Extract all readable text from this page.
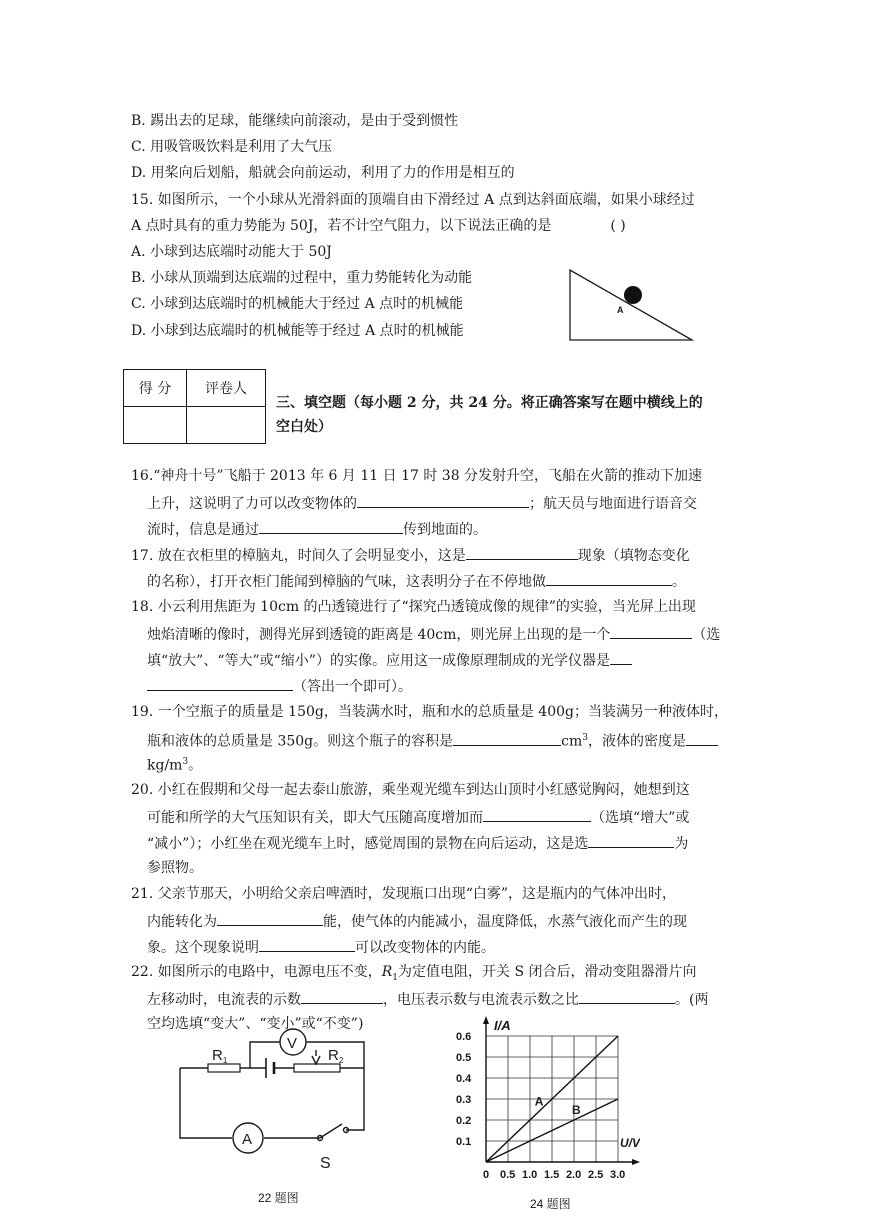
B. 踢出去的足球，能继续向前滚动，是由于受到惯性
C. 用吸管吸饮料是利用了大气压
D. 用桨向后划船，船就会向前运动，利用了力的作用是相互的
15. 如图所示，一个小球从光滑斜面的顶端自由下滑经过 A 点到达斜面底端，如果小球经过
A 点时具有的重力势能为 50J，若不计空气阻力，以下说法正确的是	( )
A. 小球到达底端时动能大于 50J
B. 小球从顶端到达底端的过程中，重力势能转化为动能
C. 小球到达底端时的机械能大于经过 A 点时的机械能
D. 小球到达底端时的机械能等于经过 A 点时的机械能
A
得 分	评卷人

三、填空题（每小题 2 分，共 24 分。将正确答案写在题中横线上的
空白处）
16.“神舟十号”飞船于 2013 年 6 月 11 日 17 时 38 分发射升空，飞船在火箭的推动下加速
上升，这说明了力可以改变物体的	；航天员与地面进行语音交
流时，信息是通过	传到地面的。
17. 放在衣柜里的樟脑丸，时间久了会明显变小，这是	现象（填物态变化
的名称），打开衣柜门能闻到樟脑的气味，这表明分子在不停地做	。
18. 小云利用焦距为 10cm 的凸透镜进行了“探究凸透镜成像的规律”的实验，当光屏上出现
烛焰清晰的像时，测得光屏到透镜的距离是 40cm，则光屏上出现的是一个	（选
填“放大”、“等大”或“缩小”）的实像。应用这一成像原理制成的光学仪器是
（答出一个即可）。
19. 一个空瓶子的质量是 150g，当装满水时，瓶和水的总质量是 400g；当装满另一种液体时，
瓶和液体的总质量是 350g。则这个瓶子的容积是	$cm^3$，液体的密度是
$kg/m^3$。
20. 小红在假期和父母一起去泰山旅游，乘坐观光缆车到达山顶时小红感觉胸闷，她想到这
可能和所学的大气压知识有关，即大气压随高度增加而	（选填“增大”或
“减小”）；小红坐在观光缆车上时，感觉周围的景物在向后运动，这是选	为
参照物。
21. 父亲节那天，小明给父亲启啤酒时，发现瓶口出现“白雾”，这是瓶内的气体冲出时，
内能转化为	能，使气体的内能减小，温度降低，水蒸气液化而产生的现
象。这个现象说明	可以改变物体的内能。
22. 如图所示的电路中，电源电压不变，$R_1$为定值电阻，开关 S 闭合后，滑动变阻器滑片向
左移动时，电流表的示数	，电压表示数与电流表示数之比	。(两
空均选填“变大”、“变小”或“不变”)
V
$R_1$	$R_2$
A
S
22 题图
0.6
0.5
0.4
0.3
0.2
0.1
0 0.5 1.0 1.5 2.0 2.5 3.0
I/A
U/V
A
B
24 题图
